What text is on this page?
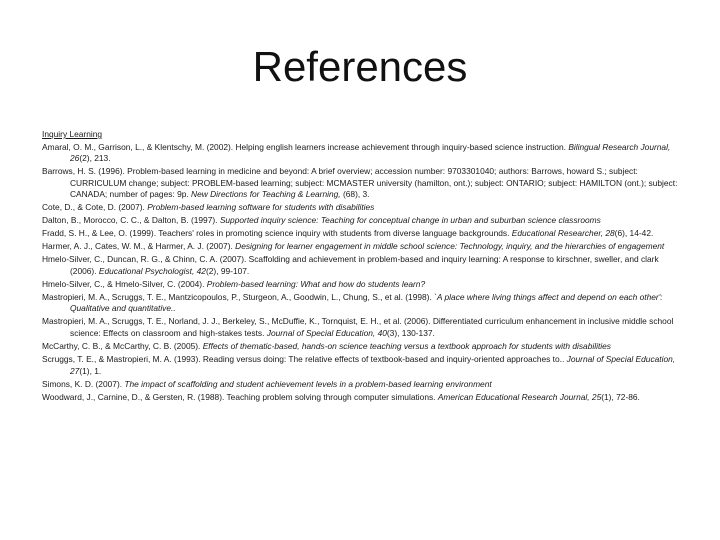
References
Inquiry Learning
Amaral, O. M., Garrison, L., & Klentschy, M. (2002). Helping english learners increase achievement through inquiry-based science instruction. Bilingual Research Journal, 26(2), 213.
Barrows, H. S. (1996). Problem-based learning in medicine and beyond: A brief overview; accession number: 9703301040; authors: Barrows, howard S.; subject: CURRICULUM change; subject: PROBLEM-based learning; subject: MCMASTER university (hamilton, ont.); subject: ONTARIO; subject: HAMILTON (ont.); subject: CANADA; number of pages: 9p. New Directions for Teaching & Learning, (68), 3.
Cote, D., & Cote, D. (2007). Problem-based learning software for students with disabilities
Dalton, B., Morocco, C. C., & Dalton, B. (1997). Supported inquiry science: Teaching for conceptual change in urban and suburban science classrooms
Fradd, S. H., & Lee, O. (1999). Teachers' roles in promoting science inquiry with students from diverse language backgrounds. Educational Researcher, 28(6), 14-42.
Harmer, A. J., Cates, W. M., & Harmer, A. J. (2007). Designing for learner engagement in middle school science: Technology, inquiry, and the hierarchies of engagement
Hmelo-Silver, C., Duncan, R. G., & Chinn, C. A. (2007). Scaffolding and achievement in problem-based and inquiry learning: A response to kirschner, sweller, and clark (2006). Educational Psychologist, 42(2), 99-107.
Hmelo-Silver, C., & Hmelo-Silver, C. (2004). Problem-based learning: What and how do students learn?
Mastropieri, M. A., Scruggs, T. E., Mantzicopoulos, P., Sturgeon, A., Goodwin, L., Chung, S., et al. (1998). `A place where living things affect and depend on each other': Qualitative and quantitative..
Mastropieri, M. A., Scruggs, T. E., Norland, J. J., Berkeley, S., McDuffie, K., Tornquist, E. H., et al. (2006). Differentiated curriculum enhancement in inclusive middle school science: Effects on classroom and high-stakes tests. Journal of Special Education, 40(3), 130-137.
McCarthy, C. B., & McCarthy, C. B. (2005). Effects of thematic-based, hands-on science teaching versus a textbook approach for students with disabilities
Scruggs, T. E., & Mastropieri, M. A. (1993). Reading versus doing: The relative effects of textbook-based and inquiry-oriented approaches to.. Journal of Special Education, 27(1), 1.
Simons, K. D. (2007). The impact of scaffolding and student achievement levels in a problem-based learning environment
Woodward, J., Carnine, D., & Gersten, R. (1988). Teaching problem solving through computer simulations. American Educational Research Journal, 25(1), 72-86.
